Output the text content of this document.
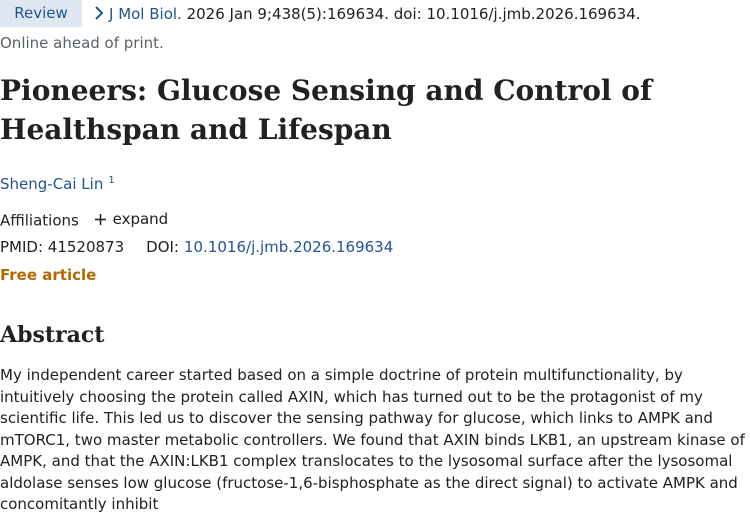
Review	J Mol Biol. 2026 Jan 9;438(5):169634. doi: 10.1016/j.jmb.2026.169634.
Online ahead of print.
Pioneers: Glucose Sensing and Control of Healthspan and Lifespan
Sheng-Cai Lin $^1$
Affiliations expand
PMID: 41520873 DOI: 10.1016/j.jmb.2026.169634
Free article
Abstract

My independent career started based on a simple doctrine of protein multifunctionality, by intuitively choosing the protein called AXIN, which has turned out to be the protagonist of my scientific life. This led us to discover the sensing pathway for glucose, which links to AMPK and mTORC1, two master metabolic controllers. We found that AXIN binds LKB1, an upstream kinase of AMPK, and that the AXIN:LKB1 complex translocates to the lysosomal surface after the lysosomal aldolase senses low glucose (fructose-1,6-bisphosphate as the direct signal) to activate AMPK and concomitantly inhibit
